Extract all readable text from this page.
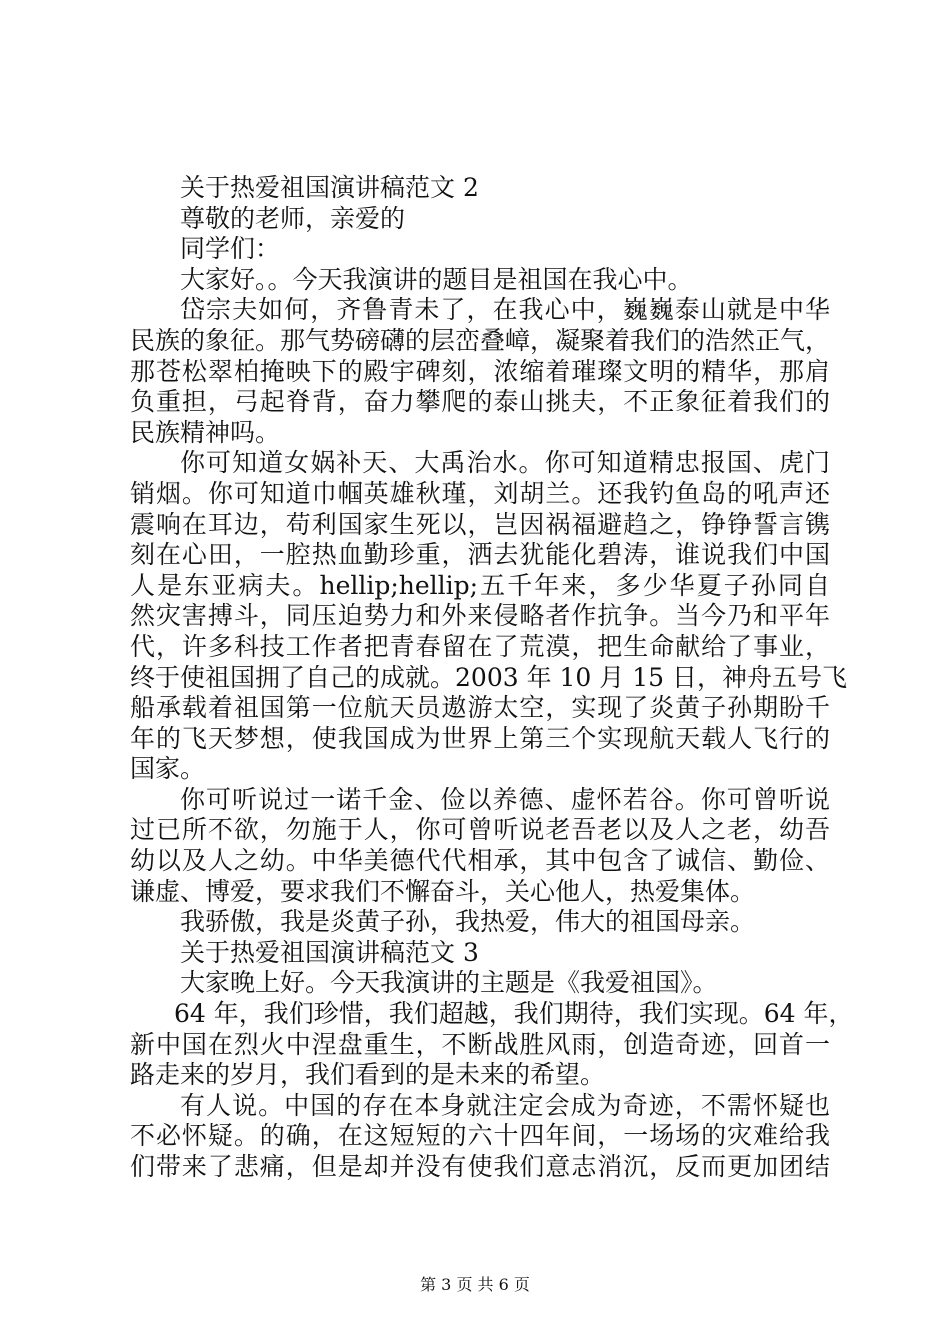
关于热爱祖国演讲稿范文 2
尊敬的老师，亲爱的
同学们：
大家好。。今天我演讲的题目是祖国在我心中。
岱宗夫如何，齐鲁青未了，在我心中，巍巍泰山就是中华
民族的象征。那气势磅礴的层峦叠嶂，凝聚着我们的浩然正气，
那苍松翠柏掩映下的殿宇碑刻，浓缩着璀璨文明的精华，那肩
负重担，弓起脊背，奋力攀爬的泰山挑夫，不正象征着我们的
民族精神吗。
你可知道女娲补天、大禹治水。你可知道精忠报国、虎门
销烟。你可知道巾帼英雄秋瑾，刘胡兰。还我钓鱼岛的吼声还
震响在耳边，苟利国家生死以，岂因祸福避趋之，铮铮誓言镌
刻在心田，一腔热血勤珍重，洒去犹能化碧涛，谁说我们中国
人是东亚病夫。hellip;hellip;五千年来，多少华夏子孙同自
然灾害搏斗，同压迫势力和外来侵略者作抗争。当今乃和平年
代，许多科技工作者把青春留在了荒漠，把生命献给了事业，
终于使祖国拥了自己的成就。2003 年 10 月 15 日，神舟五号飞
船承载着祖国第一位航天员遨游太空，实现了炎黄子孙期盼千
年的飞天梦想，使我国成为世界上第三个实现航天载人飞行的
国家。
你可听说过一诺千金、俭以养德、虚怀若谷。你可曾听说
过已所不欲，勿施于人，你可曾听说老吾老以及人之老，幼吾
幼以及人之幼。中华美德代代相承，其中包含了诚信、勤俭、
谦虚、博爱，要求我们不懈奋斗，关心他人，热爱集体。
我骄傲，我是炎黄子孙，我热爱，伟大的祖国母亲。
关于热爱祖国演讲稿范文 3
大家晚上好。今天我演讲的主题是《我爱祖国》。
64 年，我们珍惜，我们超越，我们期待，我们实现。64 年，
新中国在烈火中涅盘重生，不断战胜风雨，创造奇迹，回首一
路走来的岁月，我们看到的是未来的希望。
有人说。中国的存在本身就注定会成为奇迹，不需怀疑也
不必怀疑。的确，在这短短的六十四年间，一场场的灾难给我
们带来了悲痛，但是却并没有使我们意志消沉，反而更加团结
第 3 页 共 6 页
